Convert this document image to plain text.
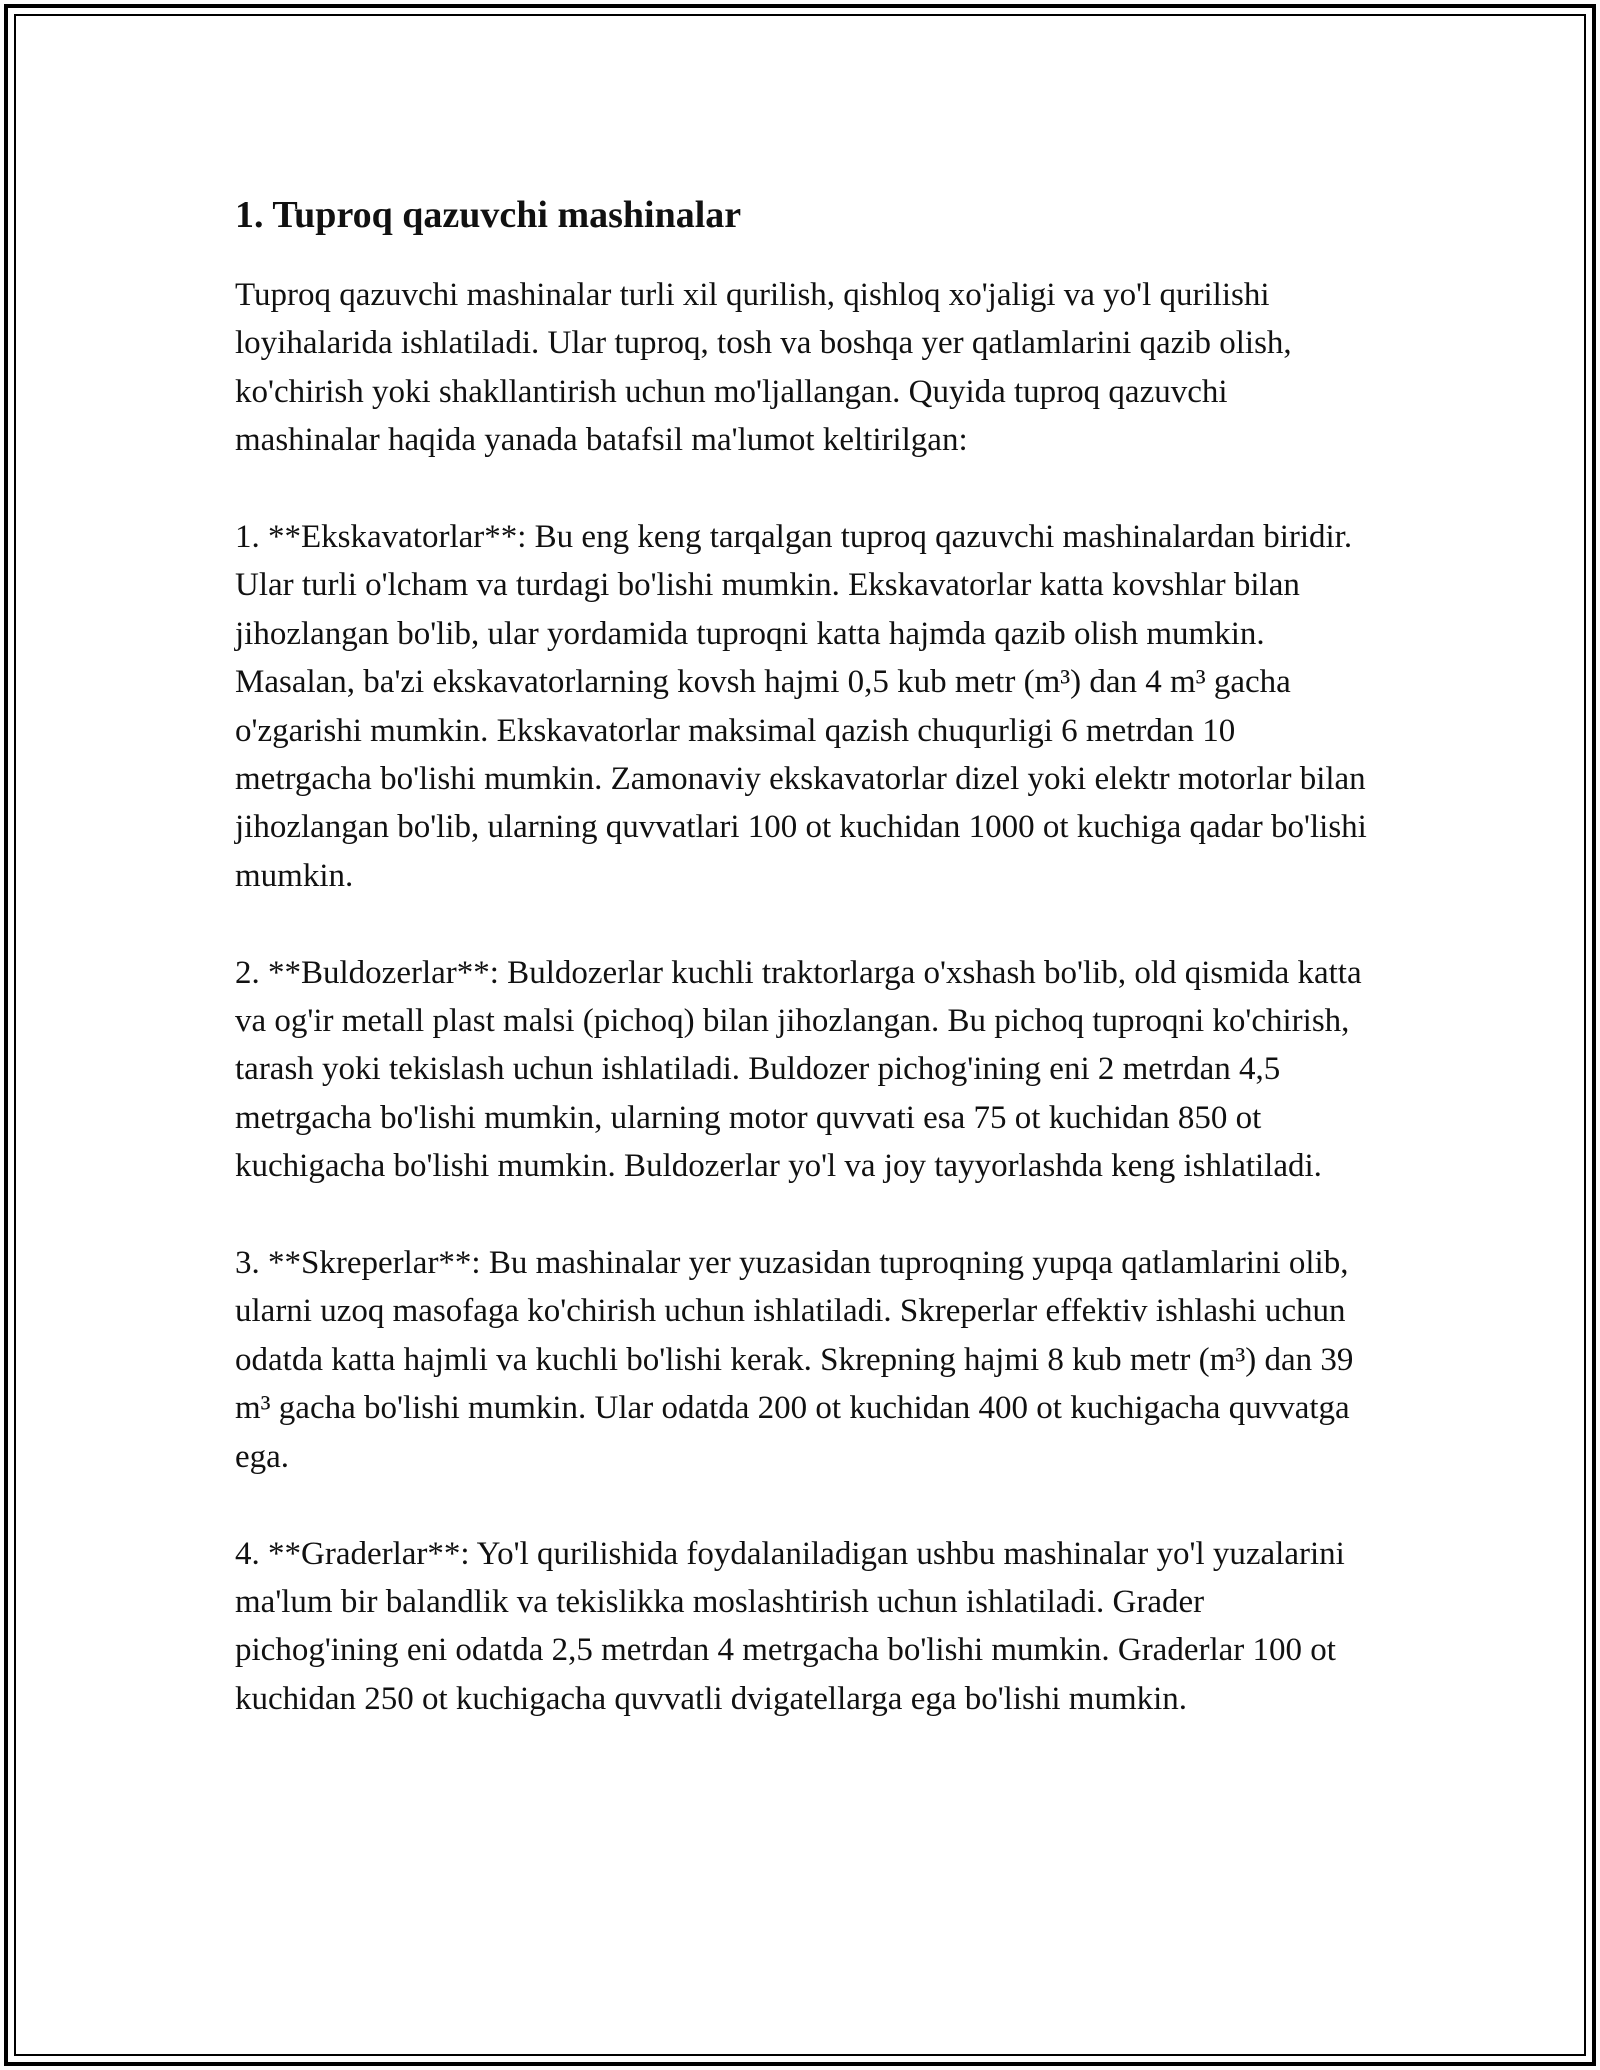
1. Tuproq qazuvchi mashinalar

Tuproq qazuvchi mashinalar turli xil qurilish, qishloq xo'jaligi va yo'l qurilishi loyihalarida ishlatiladi. Ular tuproq, tosh va boshqa yer qatlamlarini qazib olish, ko'chirish yoki shakllantirish uchun mo'ljallangan. Quyida tuproq qazuvchi mashinalar haqida yanada batafsil ma'lumot keltirilgan:

1. **Ekskavatorlar**: Bu eng keng tarqalgan tuproq qazuvchi mashinalardan biridir. Ular turli o'lcham va turdagi bo'lishi mumkin. Ekskavatorlar katta kovshlar bilan jihozlangan bo'lib, ular yordamida tuproqni katta hajmda qazib olish mumkin. Masalan, ba'zi ekskavatorlarning kovsh hajmi 0,5 kub metr (m³) dan 4 m³ gacha o'zgarishi mumkin. Ekskavatorlar maksimal qazish chuqurligi 6 metrdan 10 metrgacha bo'lishi mumkin. Zamonaviy ekskavatorlar dizel yoki elektr motorlar bilan jihozlangan bo'lib, ularning quvvatlari 100 ot kuchidan 1000 ot kuchiga qadar bo'lishi mumkin.

2. **Buldozerlar**: Buldozerlar kuchli traktorlarga o'xshash bo'lib, old qismida katta va og'ir metall plast malsi (pichoq) bilan jihozlangan. Bu pichoq tuproqni ko'chirish, tarash yoki tekislash uchun ishlatiladi. Buldozer pichog'ining eni 2 metrdan 4,5 metrgacha bo'lishi mumkin, ularning motor quvvati esa 75 ot kuchidan 850 ot kuchigacha bo'lishi mumkin. Buldozerlar yo'l va joy tayyorlashda keng ishlatiladi.

3. **Skreperlar**: Bu mashinalar yer yuzasidan tuproqning yupqa qatlamlarini olib, ularni uzoq masofaga ko'chirish uchun ishlatiladi. Skreperlar effektiv ishlashi uchun odatda katta hajmli va kuchli bo'lishi kerak. Skrepning hajmi 8 kub metr (m³) dan 39 m³ gacha bo'lishi mumkin. Ular odatda 200 ot kuchidan 400 ot kuchigacha quvvatga ega.

4. **Graderlar**: Yo'l qurilishida foydalaniladigan ushbu mashinalar yo'l yuzalarini ma'lum bir balandlik va tekislikka moslashtirish uchun ishlatiladi. Grader pichog'ining eni odatda 2,5 metrdan 4 metrgacha bo'lishi mumkin. Graderlar 100 ot kuchidan 250 ot kuchigacha quvvatli dvigatellarga ega bo'lishi mumkin.
